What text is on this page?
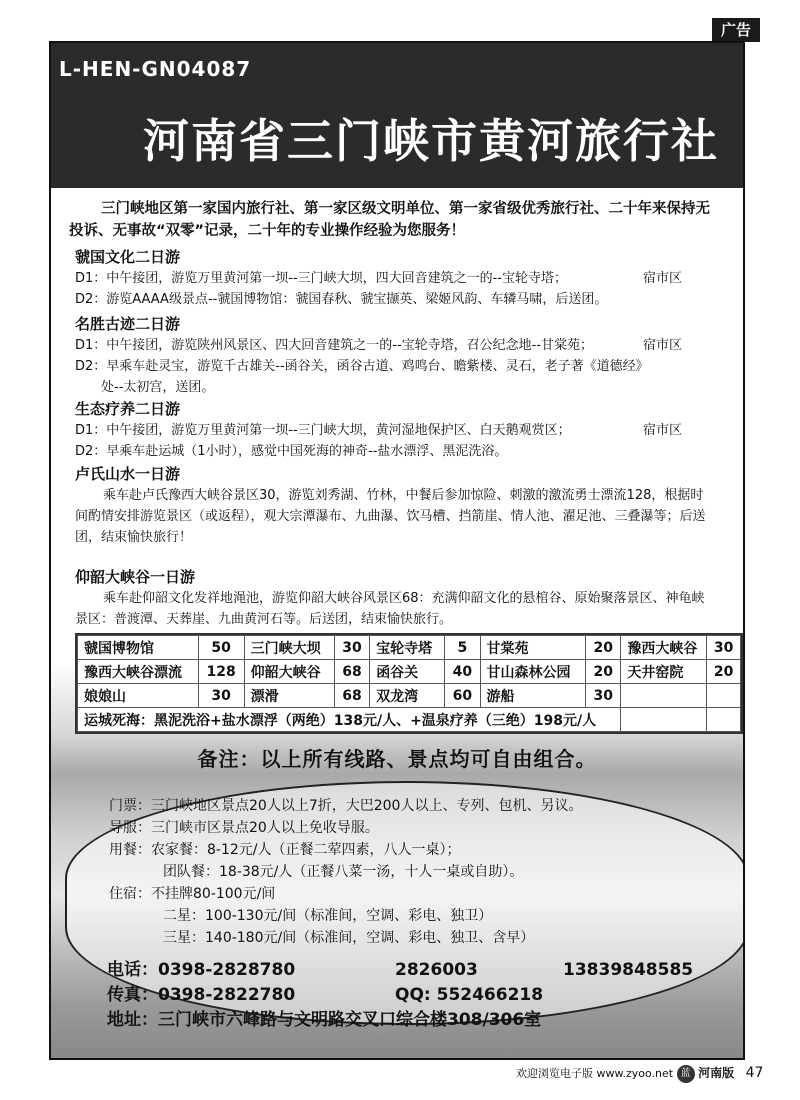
广告
L-HEN-GN04087
河南省三门峡市黄河旅行社

三门峡地区第一家国内旅行社、第一家区级文明单位、第一家省级优秀旅行社、二十年来保持无

投诉、无事故“双零”记录，二十年的专业操作经验为您服务！

虢国文化二日游
D1：中午接团，游览万里黄河第一坝--三门峡大坝，四大回音建筑之一的--宝轮寺塔；	宿市区
D2：游览AAAA级景点--虢国博物馆：虢国春秋、虢宝撷英、梁姬风韵、车辚马啸，后送团。
名胜古迹二日游
D1：中午接团，游览陕州风景区、四大回音建筑之一的--宝轮寺塔，召公纪念地--甘棠苑；	宿市区
D2：早乘车赴灵宝，游览千古雄关--函谷关，函谷古道、鸡鸣台、瞻紫楼、灵石，老子著《道德经》
处--太初宫，送团。
生态疗养二日游
D1：中午接团，游览万里黄河第一坝--三门峡大坝，黄河湿地保护区、白天鹅观赏区；	宿市区
D2：早乘车赴运城（1小时），感觉中国死海的神奇--盐水漂浮、黑泥洗浴。
卢氏山水一日游

乘车赴卢氏豫西大峡谷景区30，游览刘秀湖、竹林，中餐后参加惊险、刺激的激流勇士漂流128，根据时间酌情安排游览景区（或返程），观大宗潭瀑布、九曲瀑、饮马槽、挡箭崖、情人池、濯足池、三叠瀑等；后送团，结束愉快旅行！

仰韶大峡谷一日游

乘车赴仰韶文化发祥地渑池，游览仰韶大峡谷风景区68：充满仰韶文化的悬棺谷、原始聚落景区、神龟峡景区：普渡潭、天葬崖、九曲黄河石等。后送团，结束愉快旅行。

虢国博物馆	50	三门峡大坝	30	宝轮寺塔	5	甘棠苑	20	豫西大峡谷	30
豫西大峡谷漂流	128	仰韶大峡谷	68	函谷关	40	甘山森林公园	20	天井窑院	20
娘娘山	30	漂滑	68	双龙湾	60	游船	30		
运城死海：黑泥洗浴+盐水漂浮（两绝）138元/人、+温泉疗养（三绝）198元/人									
备注：以上所有线路、景点均可自由组合。
门票：三门峡地区景点20人以上7折，大巴200人以上、专列、包机、另议。
导服：三门峡市区景点20人以上免收导服。
用餐：农家餐：8-12元/人（正餐二荤四素，八人一桌）；
团队餐：18-38元/人（正餐八菜一汤，十人一桌或自助）。
住宿：不挂牌80-100元/间
二星：100-130元/间（标准间，空调、彩电、独卫）
三星：140-180元/间（标准间，空调、彩电、独卫、含早）
电话：0398-2828780	2826003	13839848585
传真：0398-2822780	QQ: 552466218
地址：三门峡市六峰路与文明路交叉口综合楼308/306室
欢迎浏览电子版 www.zyoo.net 蓝 河南版 47
